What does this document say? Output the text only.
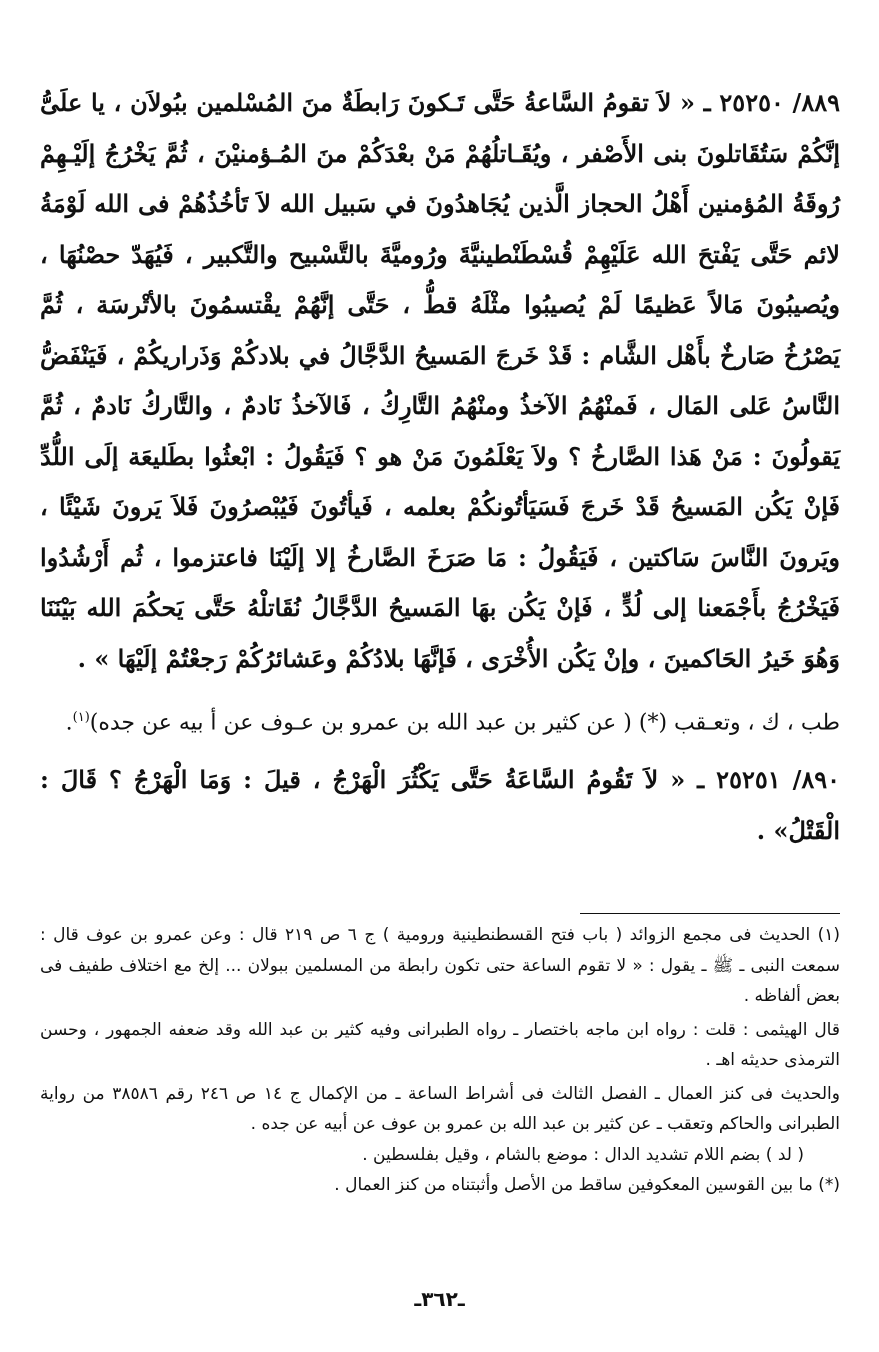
٨٨٩/ ٢٥٢٥٠ ـ « لاَ تقومُ السَّاعةُ حَتَّى تَـكونَ رَابطَةٌ منَ المُسْلمين ببُولاَن ، يا علَىُّ إنَّكُمْ سَتُقَاتلونَ بنى الأَصْفر ، ويُقَـاتلُهُمْ مَنْ بعْدَكُمْ منَ المُـؤمنيْنَ ، ثُمَّ يَخْرُجُ إلَيْـهِمْ رُوقَةُ المُؤمنين أَهْلُ الحجاز الَّذين يُجَاهدُونَ في سَبيل الله لاَ تَأخُذُهُمْ فى الله لَوْمَةُ لائم حَتَّى يَفْتحَ الله عَلَيْهِمْ قُسْطَنْطينيَّةَ ورُوميَّةَ بالتَّسْبيح والتَّكبير ، فَيُهَدّ حصْنُهَا ، ويُصيبُونَ مَالاً عَظيمًا لَمْ يُصيبُوا مثْلَهُ قطُّ ، حَتَّى إنَّهُمْ يقْتسمُونَ بالأتْرسَة ، ثُمَّ يَصْرُخُ صَارخٌ بأَهْل الشَّام : قَدْ خَرجَ المَسيحُ الدَّجَّالُ في بلادكُمْ وَذَراريكُمْ ، فَيَنْفَضُّ النَّاسُ عَلى المَال ، فَمنْهُمُ الآخذُ ومنْهُمُ التَّارِكُ ، فَالآخذُ نَادمٌ ، والتَّاركُ نَادمٌ ، ثُمَّ يَقولُونَ : مَنْ هَذا الصَّارخُ ؟ ولاَ يَعْلَمُونَ مَنْ هو ؟ فَيَقُولُ : ابْعثُوا بطَليعَة إلَى اللُّدِّ فَإنْ يَكُن المَسيحُ قَدْ خَرجَ فَسَيَأتُونكُمْ بعلمه ، فَيأتُونَ فَيُبْصرُونَ فَلاَ يَرونَ شَيْئًا ، ويَرونَ النَّاسَ سَاكتين ، فَيَقُولُ : مَا صَرَخَ الصَّارخُ إلا إلَيْنَا فاعتزموا ، ثُم أَرْشُدُوا فَيَخْرُجُ بأَجْمَعنا إلى لُدٍّ ، فَإنْ يَكُن بهَا المَسيحُ الدَّجَّالُ نُقَاتلْهُ حَتَّى يَحكُمَ الله بَيْنَنَا وَهُوَ خَيرُ الحَاكمينَ ، وإنْ يَكُن الأُخْرَى ، فَإنَّهَا بلادُكُمْ وعَشائرُكُمْ رَجعْتُمْ إلَيْهَا » .

طب ، ك ، وتعـقب (*) ( عن كثير بن عبد الله بن عمرو بن عـوف عن أ بيه عن جده)$^{(١)}$.

٨٩٠/ ٢٥٢٥١ ـ « لاَ تَقُومُ السَّاعَةُ حَتَّى يَكْثُرَ الْهَرْجُ ، قيلَ : وَمَا الْهَرْجُ ؟ قَالَ : الْقَتْلُ» .

(١) الحديث فى مجمع الزوائد ( باب فتح القسطنطينية ورومية ) ج ٦ ص ٢١٩ قال : وعن عمرو بن عوف قال : سمعت النبى ـ ﷺ ـ يقول : « لا تقوم الساعة حتى تكون رابطة من المسلمين ببولان ... إلخ مع اختلاف طفيف فى بعض ألفاظه .

قال الهيثمى : قلت : رواه ابن ماجه باختصار ـ رواه الطبرانى وفيه كثير بن عبد الله وقد ضعفه الجمهور ، وحسن الترمذى حديثه اهـ .

والحديث فى كنز العمال ـ الفصل الثالث فى أشراط الساعة ـ من الإكمال ج ١٤ ص ٢٤٦ رقم ٣٨٥٨٦ من رواية الطبرانى والحاكم وتعقب ـ عن كثير بن عبد الله بن عمرو بن عوف عن أبيه عن جده .

( لد ) بضم اللام تشديد الدال : موضع بالشام ، وقيل بفلسطين .

(*) ما بين القوسين المعكوفين ساقط من الأصل وأثبتناه من كنز العمال .

ـ٣٦٢ـ
